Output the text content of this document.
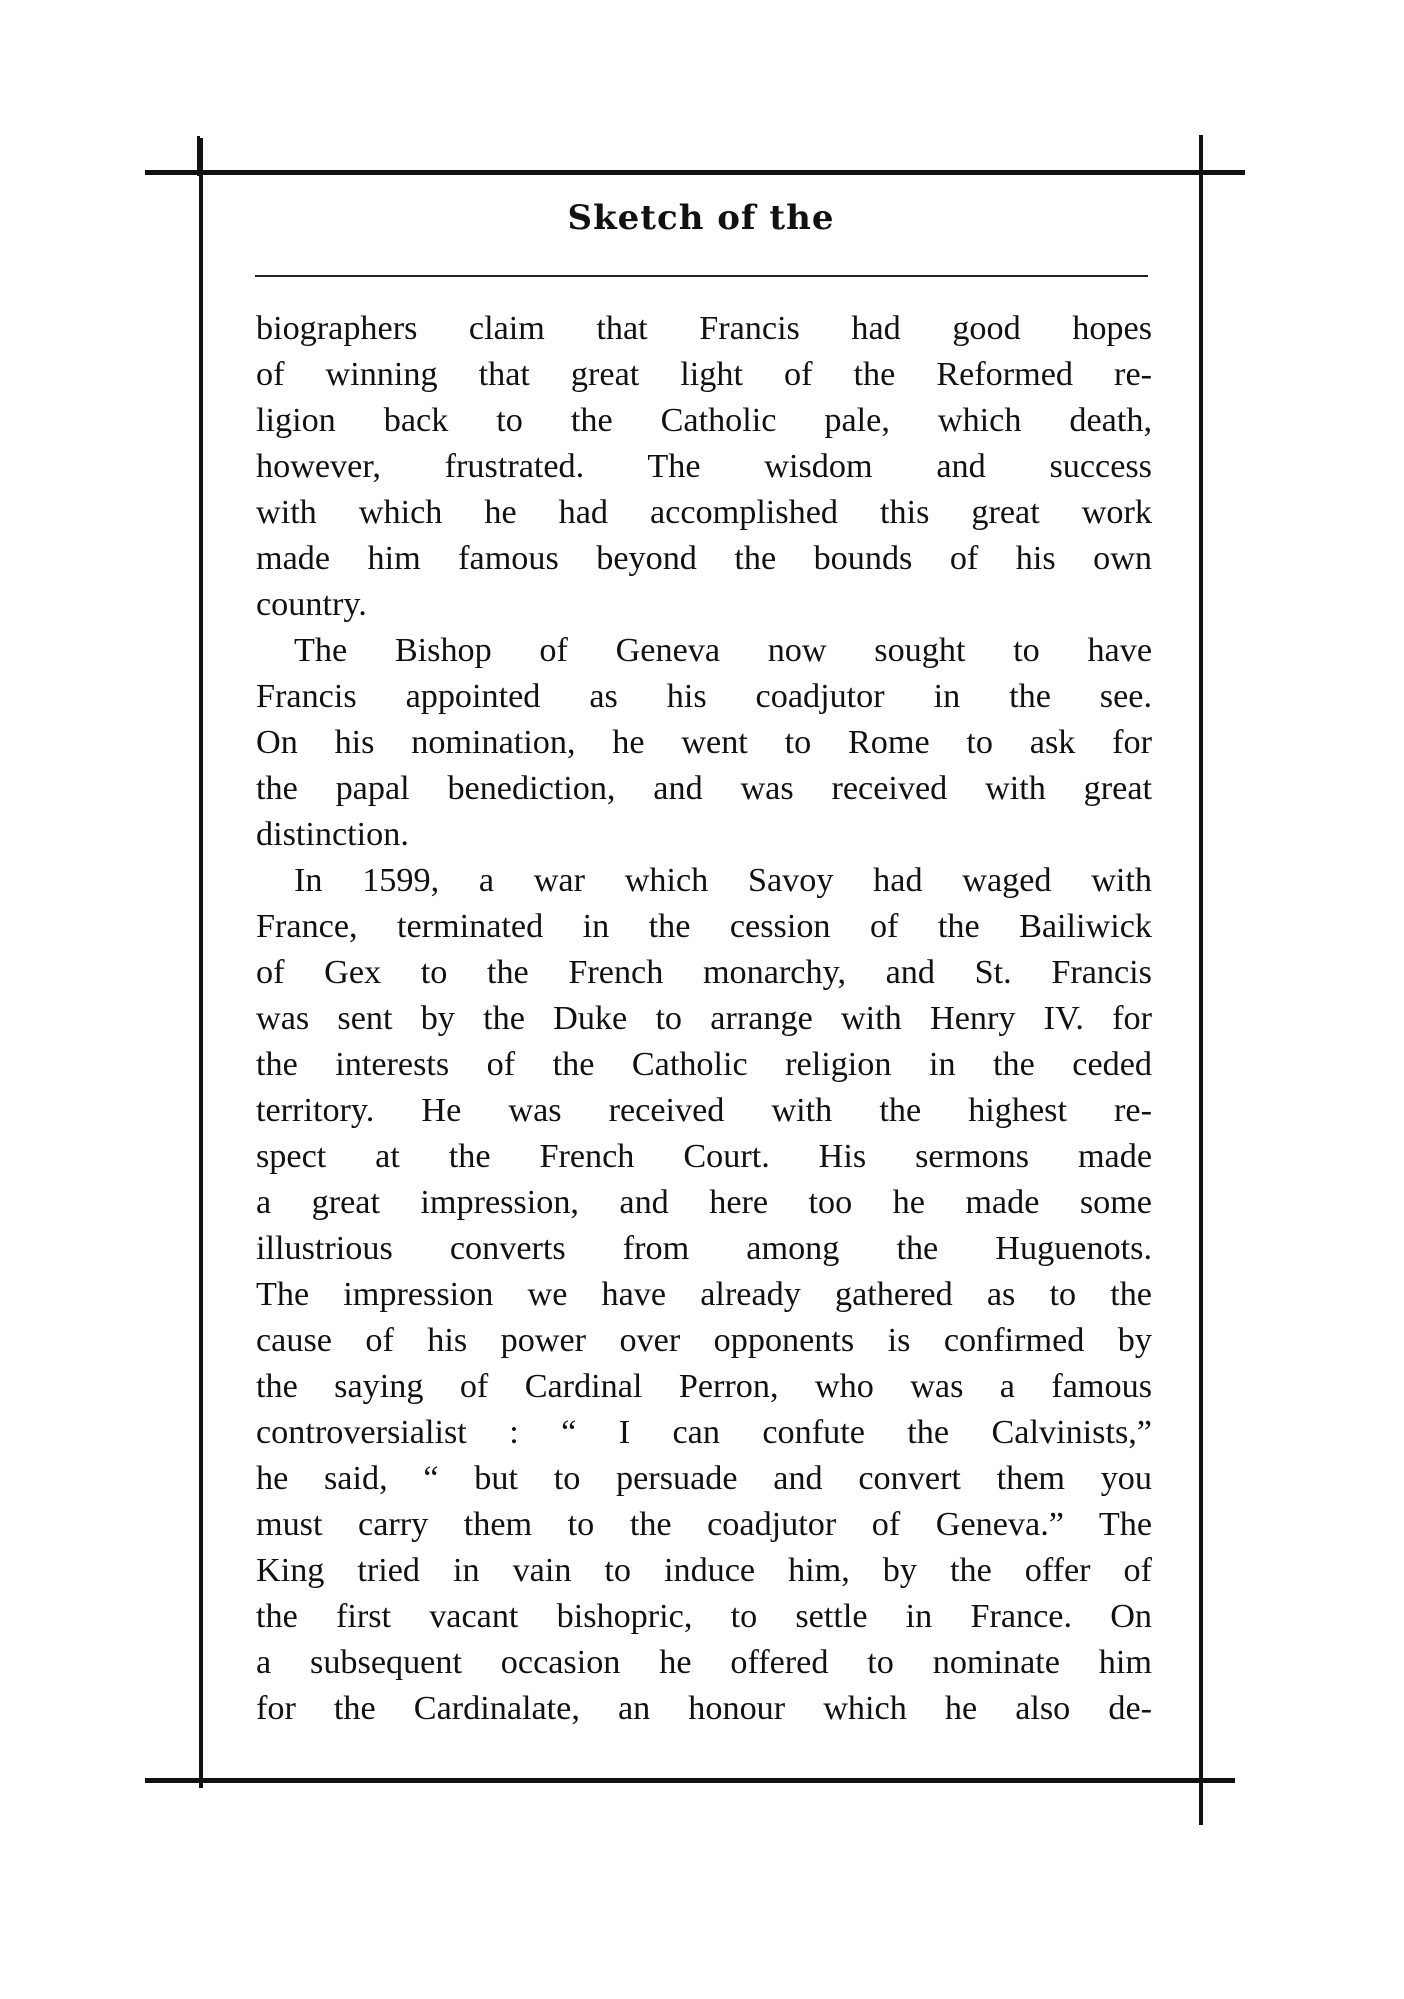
Sketch of the
biographers claim that Francis had good hopes
of winning that great light of the Reformed re-
ligion back to the Catholic pale, which death,
however, frustrated. The wisdom and success
with which he had accomplished this great work
made him famous beyond the bounds of his own
country.
The Bishop of Geneva now sought to have
Francis appointed as his coadjutor in the see.
On his nomination, he went to Rome to ask for
the papal benediction, and was received with great
distinction.
In 1599, a war which Savoy had waged with
France, terminated in the cession of the Bailiwick
of Gex to the French monarchy, and St. Francis
was sent by the Duke to arrange with Henry IV. for
the interests of the Catholic religion in the ceded
territory. He was received with the highest re-
spect at the French Court. His sermons made
a great impression, and here too he made some
illustrious converts from among the Huguenots.
The impression we have already gathered as to the
cause of his power over opponents is confirmed by
the saying of Cardinal Perron, who was a famous
controversialist : “ I can confute the Calvinists,”
he said, “ but to persuade and convert them you
must carry them to the coadjutor of Geneva.” The
King tried in vain to induce him, by the offer of
the first vacant bishopric, to settle in France. On
a subsequent occasion he offered to nominate him
for the Cardinalate, an honour which he also de-
